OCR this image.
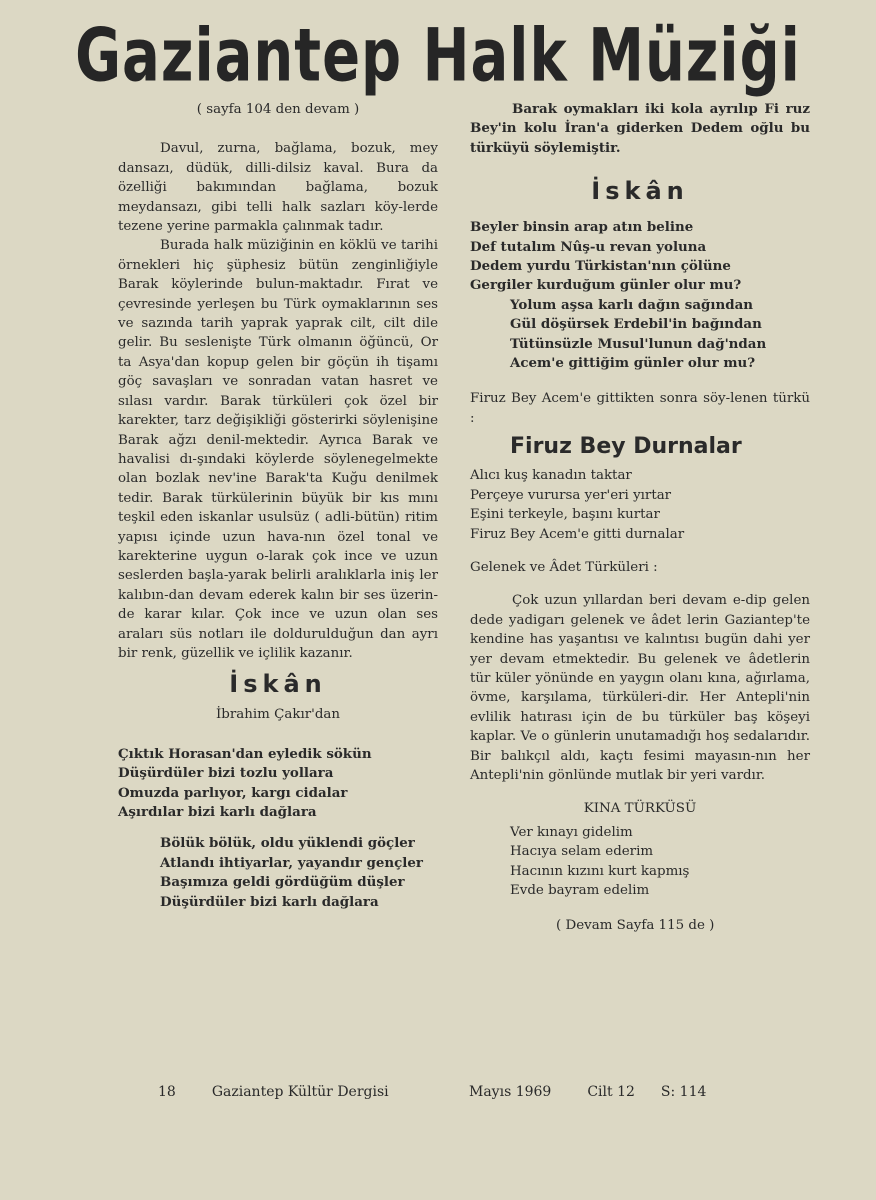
Gaziantep Halk Müziği

( sayfa 104 den devam )

Davul, zurna, bağlama, bozuk, mey dansazı, düdük, dilli-dilsiz kaval. Bura da özelliği bakımından bağlama, bozuk meydansazı, gibi telli halk sazları köy-lerde tezene yerine parmakla çalınmak tadır.

Burada halk müziğinin en köklü ve tarihi örnekleri hiç şüphesiz bütün zenginliğiyle Barak köylerinde bulun-maktadır. Fırat ve çevresinde yerleşen bu Türk oymaklarının ses ve sazında tarih yaprak yaprak cilt, cilt dile gelir. Bu seslenişte Türk olmanın öğüncü, Or ta Asya'dan kopup gelen bir göçün ih tişamı göç savaşları ve sonradan vatan hasret ve sılası vardır. Barak türküleri çok özel bir karekter, tarz değişikliği gösterirki söylenişine Barak ağzı denil-mektedir. Ayrıca Barak ve havalisi dı-şındaki köylerde söylenegelmekte olan bozlak nev'ine Barak'ta Kuğu denilmek tedir. Barak türkülerinin büyük bir kıs mını teşkil eden iskanlar usulsüz ( adli-bütün) ritim yapısı içinde uzun hava-nın özel tonal ve karekterine uygun o-larak çok ince ve uzun seslerden başla-yarak belirli aralıklarla iniş ler kalıbın-dan devam ederek kalın bir ses üzerin-de karar kılar. Çok ince ve uzun olan ses araları süs notları ile doldurulduğun dan ayrı bir renk, güzellik ve içlilik kazanır.

İskân

İbrahim Çakır'dan

Çıktık Horasan'dan eyledik sökün

Düşürdüler bizi tozlu yollara

Omuzda parlıyor, kargı cidalar

Aşırdılar bizi karlı dağlara

Bölük bölük, oldu yüklendi göçler

Atlandı ihtiyarlar, yayandır gençler

Başımıza geldi gördüğüm düşler

Düşürdüler bizi karlı dağlara

Barak oymakları iki kola ayrılıp Fi ruz Bey'in kolu İran'a giderken Dedem oğlu bu türküyü söylemiştir.

İskân

Beyler binsin arap atın beline

Def tutalım Nûş-u revan yoluna

Dedem yurdu Türkistan'nın çölüne

Gergiler kurduğum günler olur mu?

Yolum aşsa karlı dağın sağından

Gül döşürsek Erdebil'in bağından

Tütünsüzle Musul'lunun dağ'ndan

Acem'e gittiğim günler olur mu?

Firuz Bey Acem'e gittikten sonra söy-lenen türkü :

Firuz Bey Durnalar

Alıcı kuş kanadın taktar

Perçeye vurursa yer'eri yırtar

Eşini terkeyle, başını kurtar

Firuz Bey Acem'e gitti durnalar

Gelenek ve Âdet Türküleri :

Çok uzun yıllardan beri devam e-dip gelen dede yadigarı gelenek ve âdet lerin Gaziantep'te kendine has yaşantısı ve kalıntısı bugün dahi yer yer devam etmektedir. Bu gelenek ve âdetlerin tür küler yönünde en yaygın olanı kına, ağırlama, övme, karşılama, türküleri-dir. Her Antepli'nin evlilik hatırası için de bu türküler baş köşeyi kaplar. Ve o günlerin unutamadığı hoş sedalarıdır. Bir balıkçıl aldı, kaçtı fesimi mayasın-nın her Antepli'nin gönlünde mutlak bir yeri vardır.

KINA TÜRKÜSÜ

Ver kınayı gidelim

Hacıya selam ederim

Hacının kızını kurt kapmış

Evde bayram edelim

( Devam Sayfa 115 de )

18	Gaziantep Kültür Dergisi	Mayıs 1969	Cilt 12 S: 114
